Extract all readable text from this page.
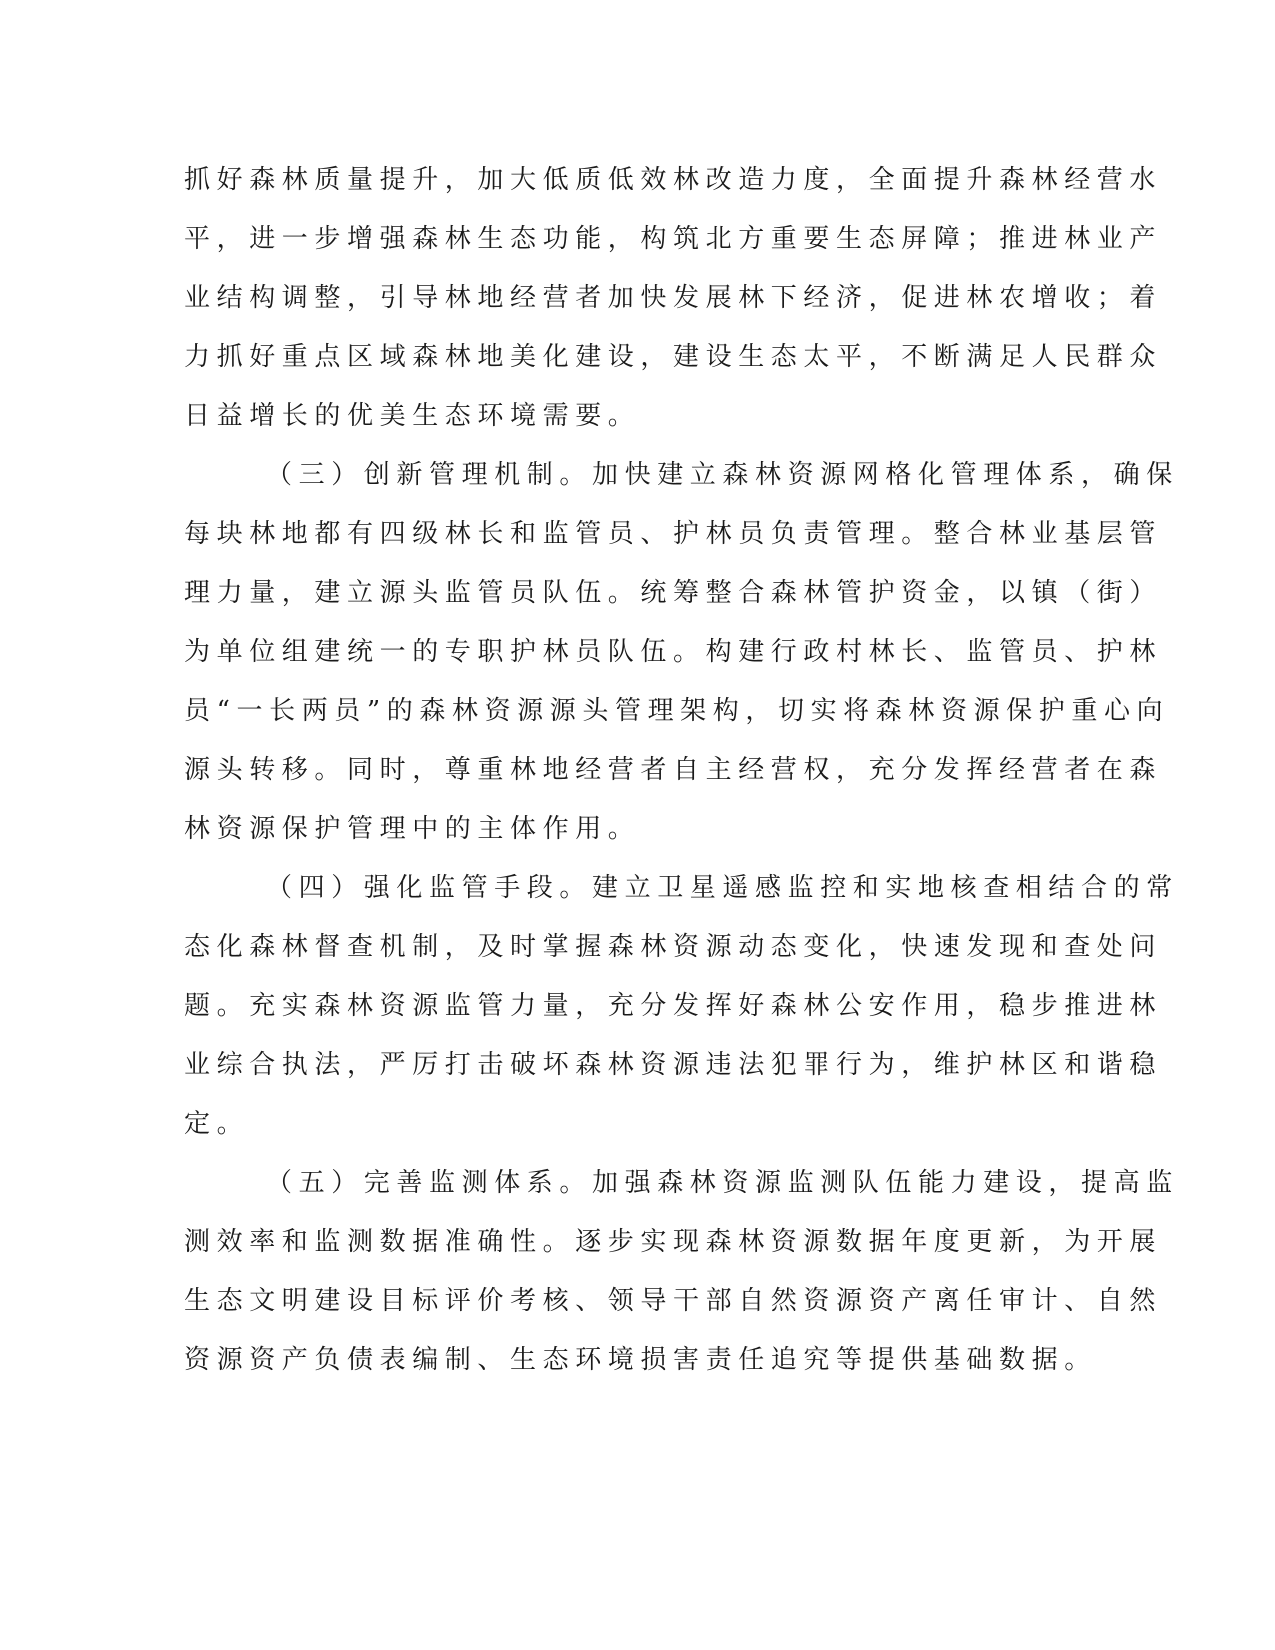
抓好森林质量提升，加大低质低效林改造力度，全面提升森林经营水
平，进一步增强森林生态功能，构筑北方重要生态屏障；推进林业产
业结构调整，引导林地经营者加快发展林下经济，促进林农增收；着
力抓好重点区域森林地美化建设，建设生态太平，不断满足人民群众
日益增长的优美生态环境需要。
（三）创新管理机制。加快建立森林资源网格化管理体系，确保
每块林地都有四级林长和监管员、护林员负责管理。整合林业基层管
理力量，建立源头监管员队伍。统筹整合森林管护资金，以镇（街）
为单位组建统一的专职护林员队伍。构建行政村林长、监管员、护林
员“一长两员”的森林资源源头管理架构，切实将森林资源保护重心向
源头转移。同时，尊重林地经营者自主经营权，充分发挥经营者在森
林资源保护管理中的主体作用。
（四）强化监管手段。建立卫星遥感监控和实地核查相结合的常
态化森林督查机制，及时掌握森林资源动态变化，快速发现和查处问
题。充实森林资源监管力量，充分发挥好森林公安作用，稳步推进林
业综合执法，严厉打击破坏森林资源违法犯罪行为，维护林区和谐稳
定。
（五）完善监测体系。加强森林资源监测队伍能力建设，提高监
测效率和监测数据准确性。逐步实现森林资源数据年度更新，为开展
生态文明建设目标评价考核、领导干部自然资源资产离任审计、自然
资源资产负债表编制、生态环境损害责任追究等提供基础数据。
